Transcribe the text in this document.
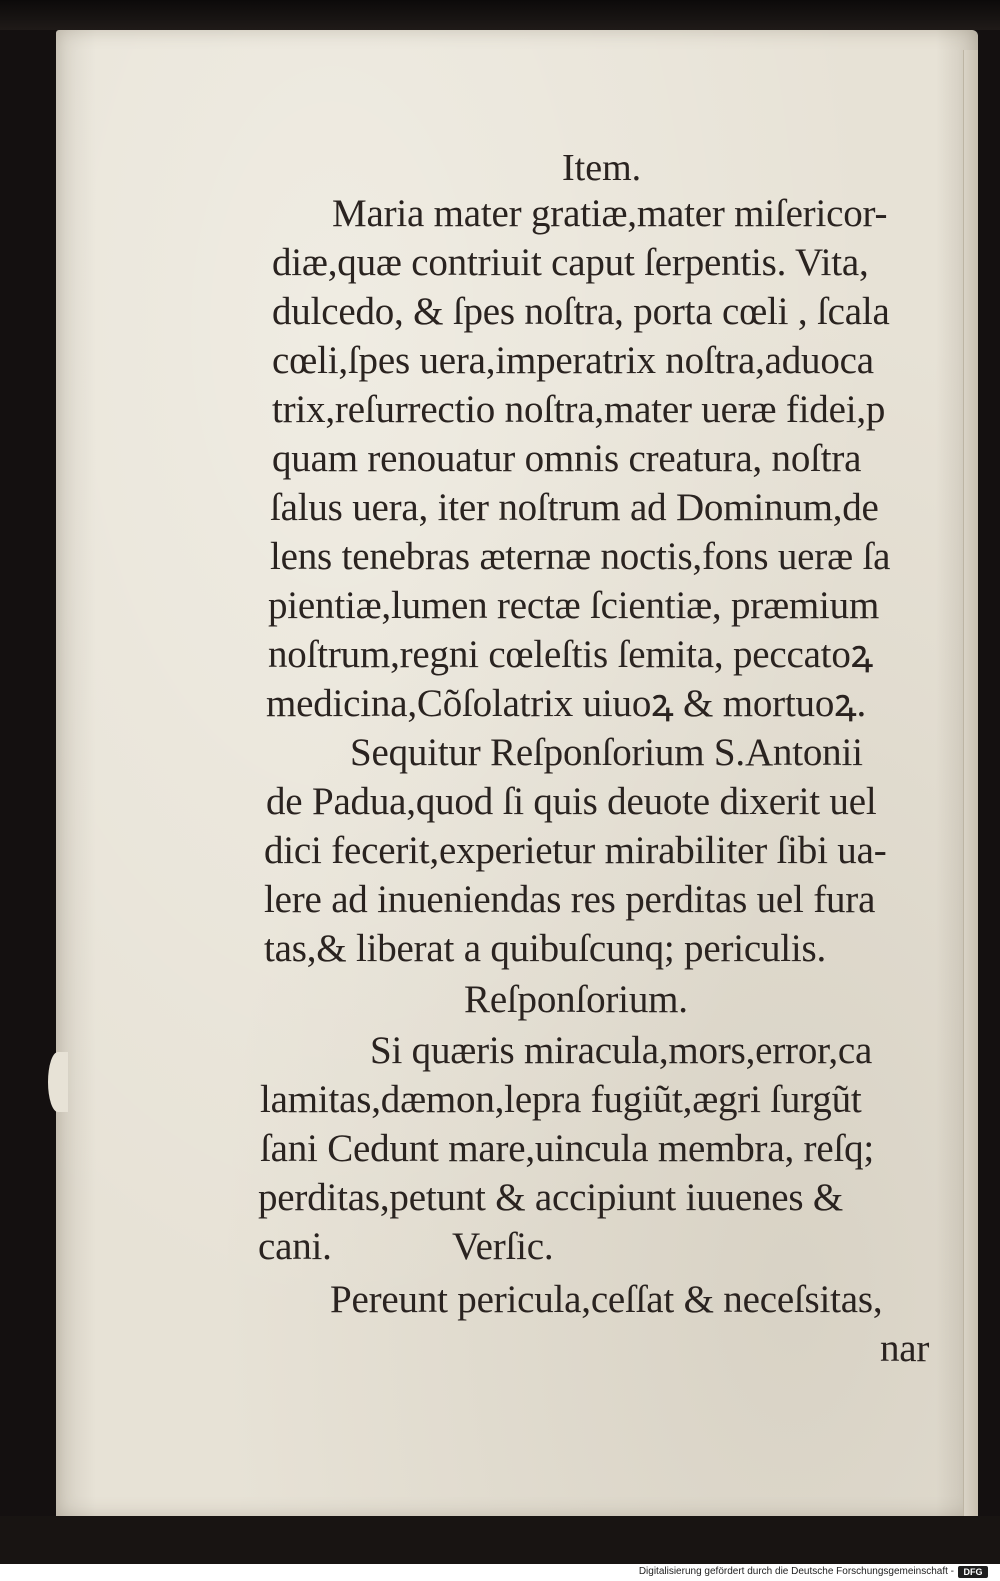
Item.
Maria mater gratiæ,mater miſericor-
diæ,quæ contriuit caput ſerpentis. Vita,
dulcedo, & ſpes noſtra, porta cœli , ſcala
cœli,ſpes uera,imperatrix noſtra,aduoca
trix,reſurrectio noſtra,mater ueræ fidei,p
quam renouatur omnis creatura, noſtra
ſalus uera, iter noſtrum ad Dominum,de
lens tenebras æternæ noctis,fons ueræ ſa
pientiæ,lumen rectæ ſcientiæ, præmium
noſtrum,regni cœleſtis ſemita, peccatoꝝ
medicina,Cõſolatrix uiuoꝝ & mortuoꝝ.
Sequitur Reſponſorium S.Antonii
de Padua,quod ſi quis deuote dixerit uel
dici fecerit,experietur mirabiliter ſibi ua-
lere ad inueniendas res perditas uel fura
tas,& liberat a quibuſcunq; periculis.
Reſponſorium.
Si quæris miracula,mors,error,ca
lamitas,dæmon,lepra fugiũt,ægri ſurgũt
ſani Cedunt mare,uincula membra, reſq;
perditas,petunt & accipiunt iuuenes &
cani.	Verſic.
Pereunt pericula,ceſſat & neceſsitas,
nar
Digitalisierung gefördert durch die Deutsche Forschungsgemeinschaft -	DFG
